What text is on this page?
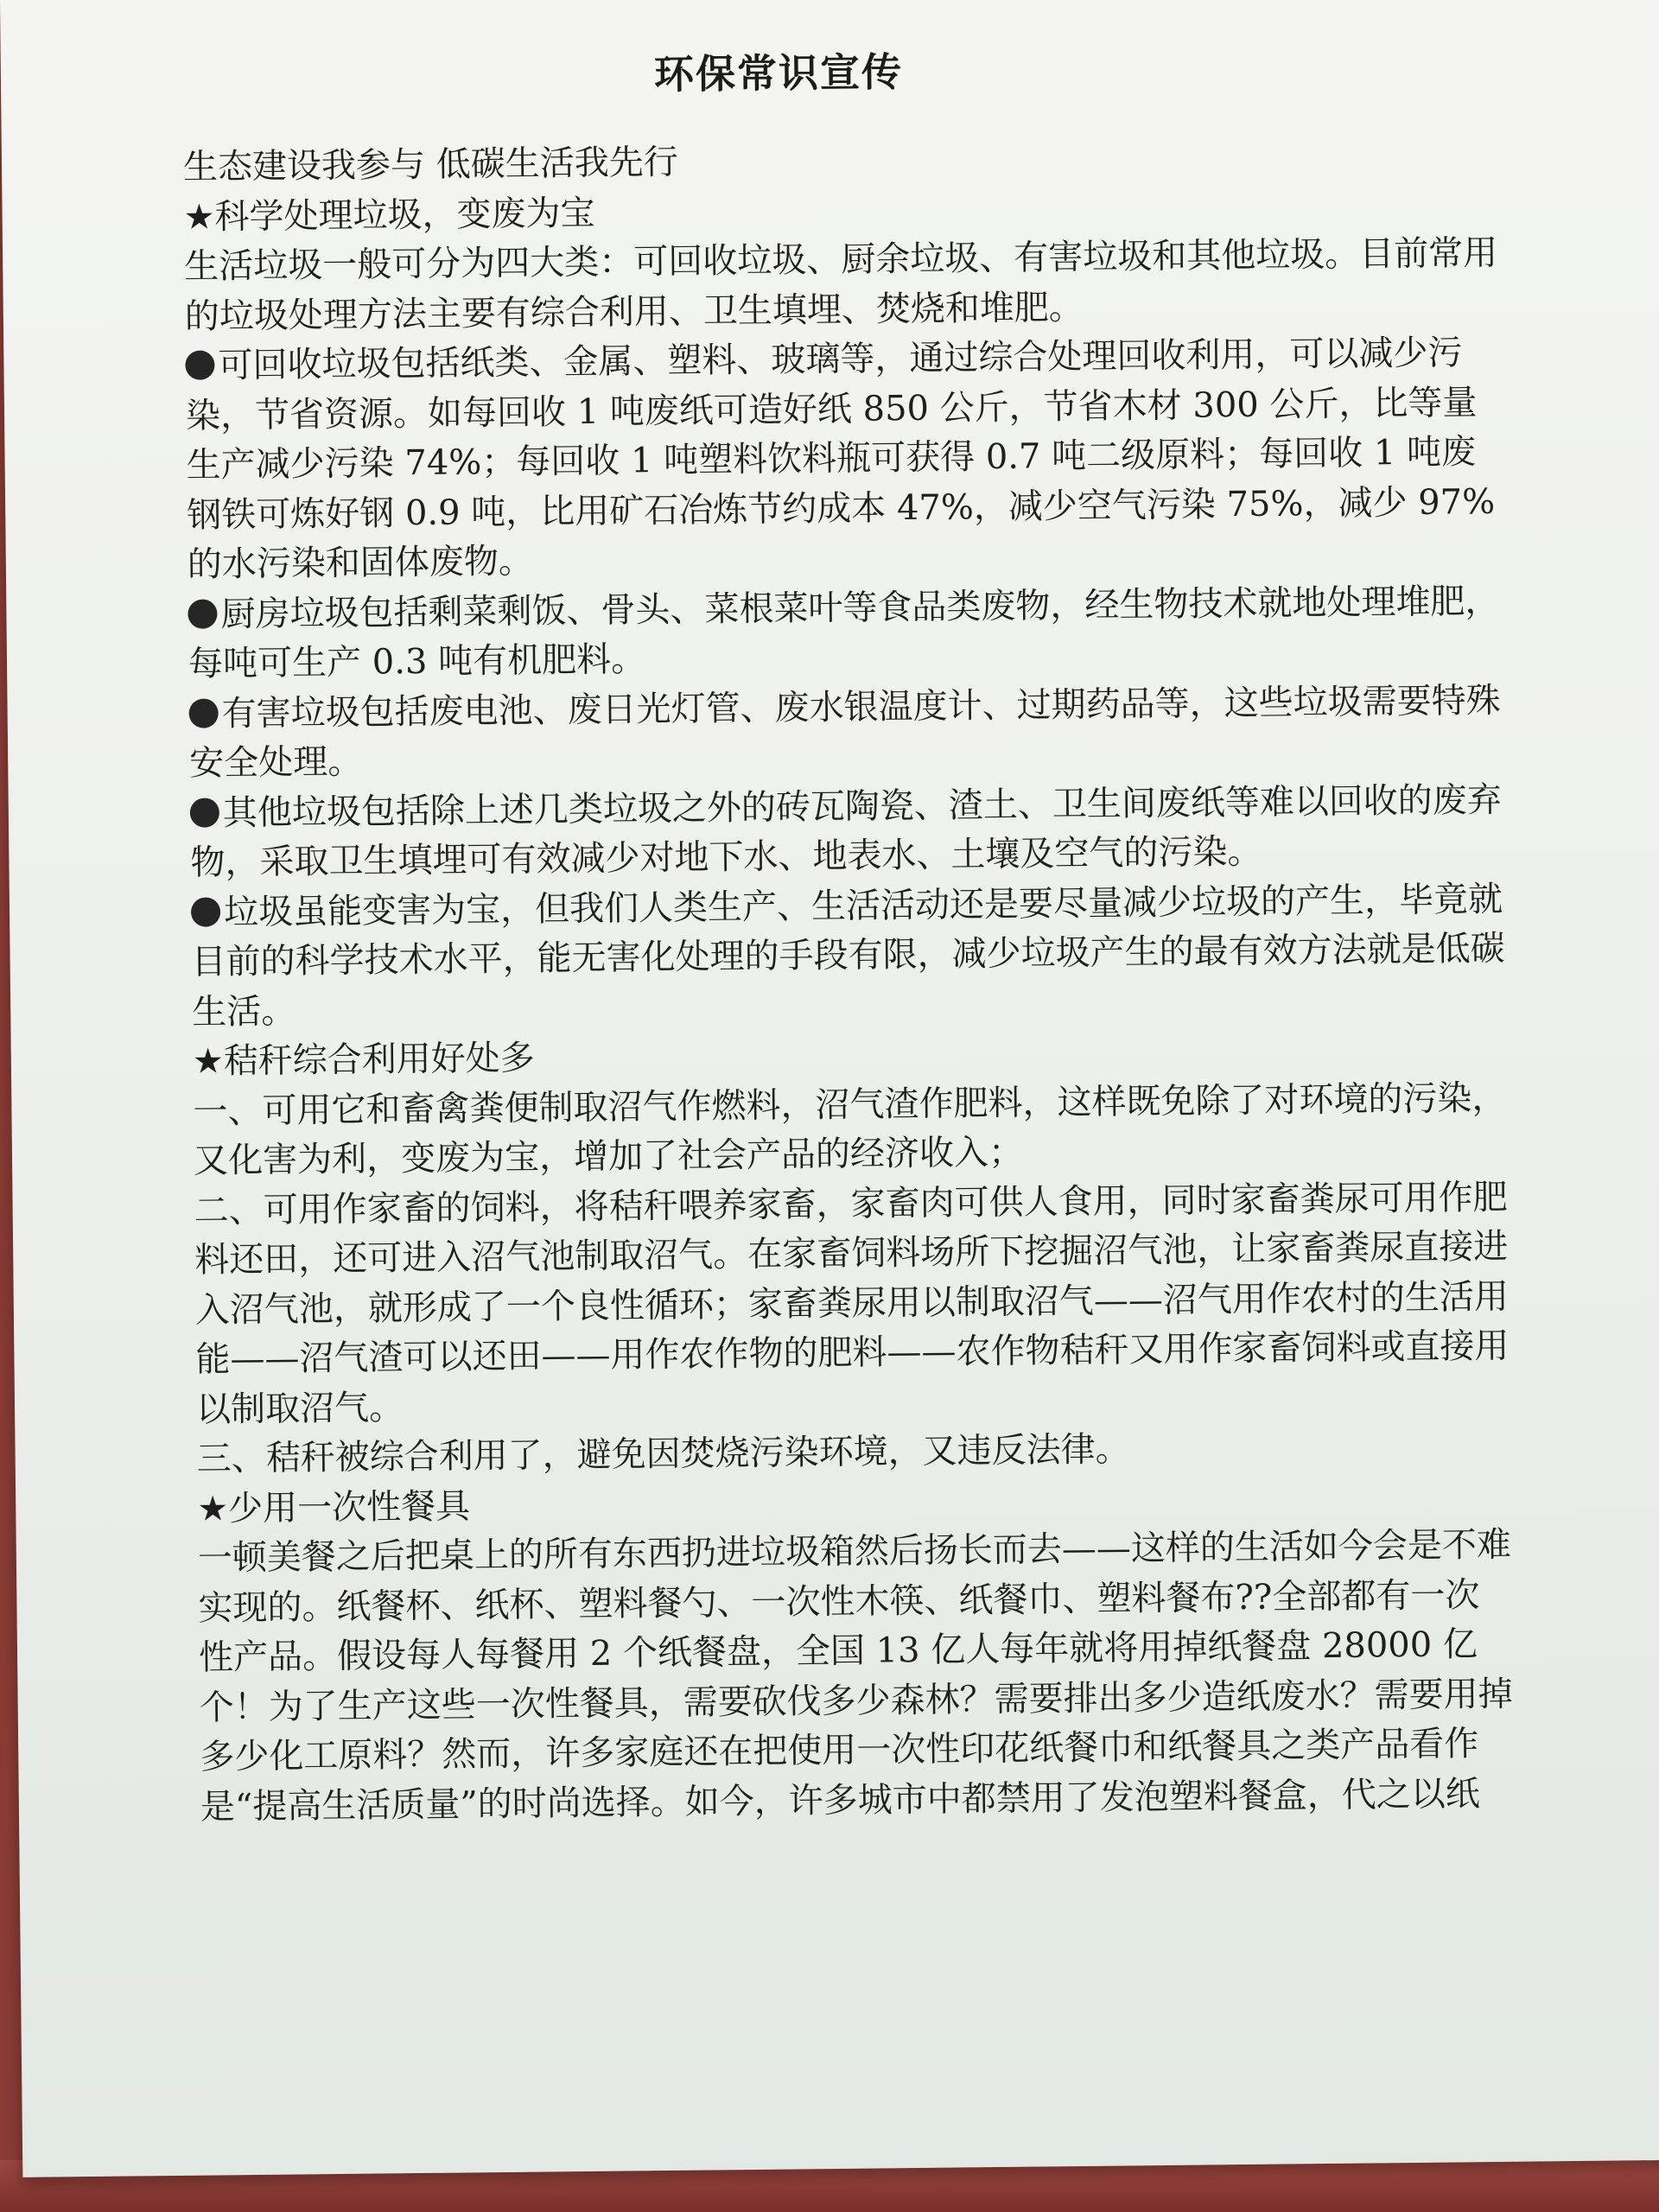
环保常识宣传

生态建设我参与 低碳生活我先行

★科学处理垃圾，变废为宝

生活垃圾一般可分为四大类：可回收垃圾、厨余垃圾、有害垃圾和其他垃圾。目前常用的垃圾处理方法主要有综合利用、卫生填埋、焚烧和堆肥。

可回收垃圾包括纸类、金属、塑料、玻璃等，通过综合处理回收利用，可以减少污染，节省资源。如每回收 1 吨废纸可造好纸 850 公斤，节省木材 300 公斤，比等量生产减少污染 74%；每回收 1 吨塑料饮料瓶可获得 0.7 吨二级原料；每回收 1 吨废钢铁可炼好钢 0.9 吨，比用矿石冶炼节约成本 47%，减少空气污染 75%，减少 97%的水污染和固体废物。

厨房垃圾包括剩菜剩饭、骨头、菜根菜叶等食品类废物，经生物技术就地处理堆肥，每吨可生产 0.3 吨有机肥料。

有害垃圾包括废电池、废日光灯管、废水银温度计、过期药品等，这些垃圾需要特殊安全处理。

其他垃圾包括除上述几类垃圾之外的砖瓦陶瓷、渣土、卫生间废纸等难以回收的废弃物，采取卫生填埋可有效减少对地下水、地表水、土壤及空气的污染。

垃圾虽能变害为宝，但我们人类生产、生活活动还是要尽量减少垃圾的产生，毕竟就目前的科学技术水平，能无害化处理的手段有限，减少垃圾产生的最有效方法就是低碳生活。

★秸秆综合利用好处多

一、可用它和畜禽粪便制取沼气作燃料，沼气渣作肥料，这样既免除了对环境的污染，又化害为利，变废为宝，增加了社会产品的经济收入；

二、可用作家畜的饲料，将秸秆喂养家畜，家畜肉可供人食用，同时家畜粪尿可用作肥料还田，还可进入沼气池制取沼气。在家畜饲料场所下挖掘沼气池，让家畜粪尿直接进入沼气池，就形成了一个良性循环；家畜粪尿用以制取沼气——沼气用作农村的生活用能——沼气渣可以还田——用作农作物的肥料——农作物秸秆又用作家畜饲料或直接用以制取沼气。

三、秸秆被综合利用了，避免因焚烧污染环境，又违反法律。

★少用一次性餐具

一顿美餐之后把桌上的所有东西扔进垃圾箱然后扬长而去——这样的生活如今会是不难实现的。纸餐杯、纸杯、塑料餐勺、一次性木筷、纸餐巾、塑料餐布??全部都有一次性产品。假设每人每餐用 2 个纸餐盘，全国 13 亿人每年就将用掉纸餐盘 28000 亿个！为了生产这些一次性餐具，需要砍伐多少森林？需要排出多少造纸废水？需要用掉多少化工原料？然而，许多家庭还在把使用一次性印花纸餐巾和纸餐具之类产品看作是“提高生活质量”的时尚选择。如今，许多城市中都禁用了发泡塑料餐盒，代之以纸
